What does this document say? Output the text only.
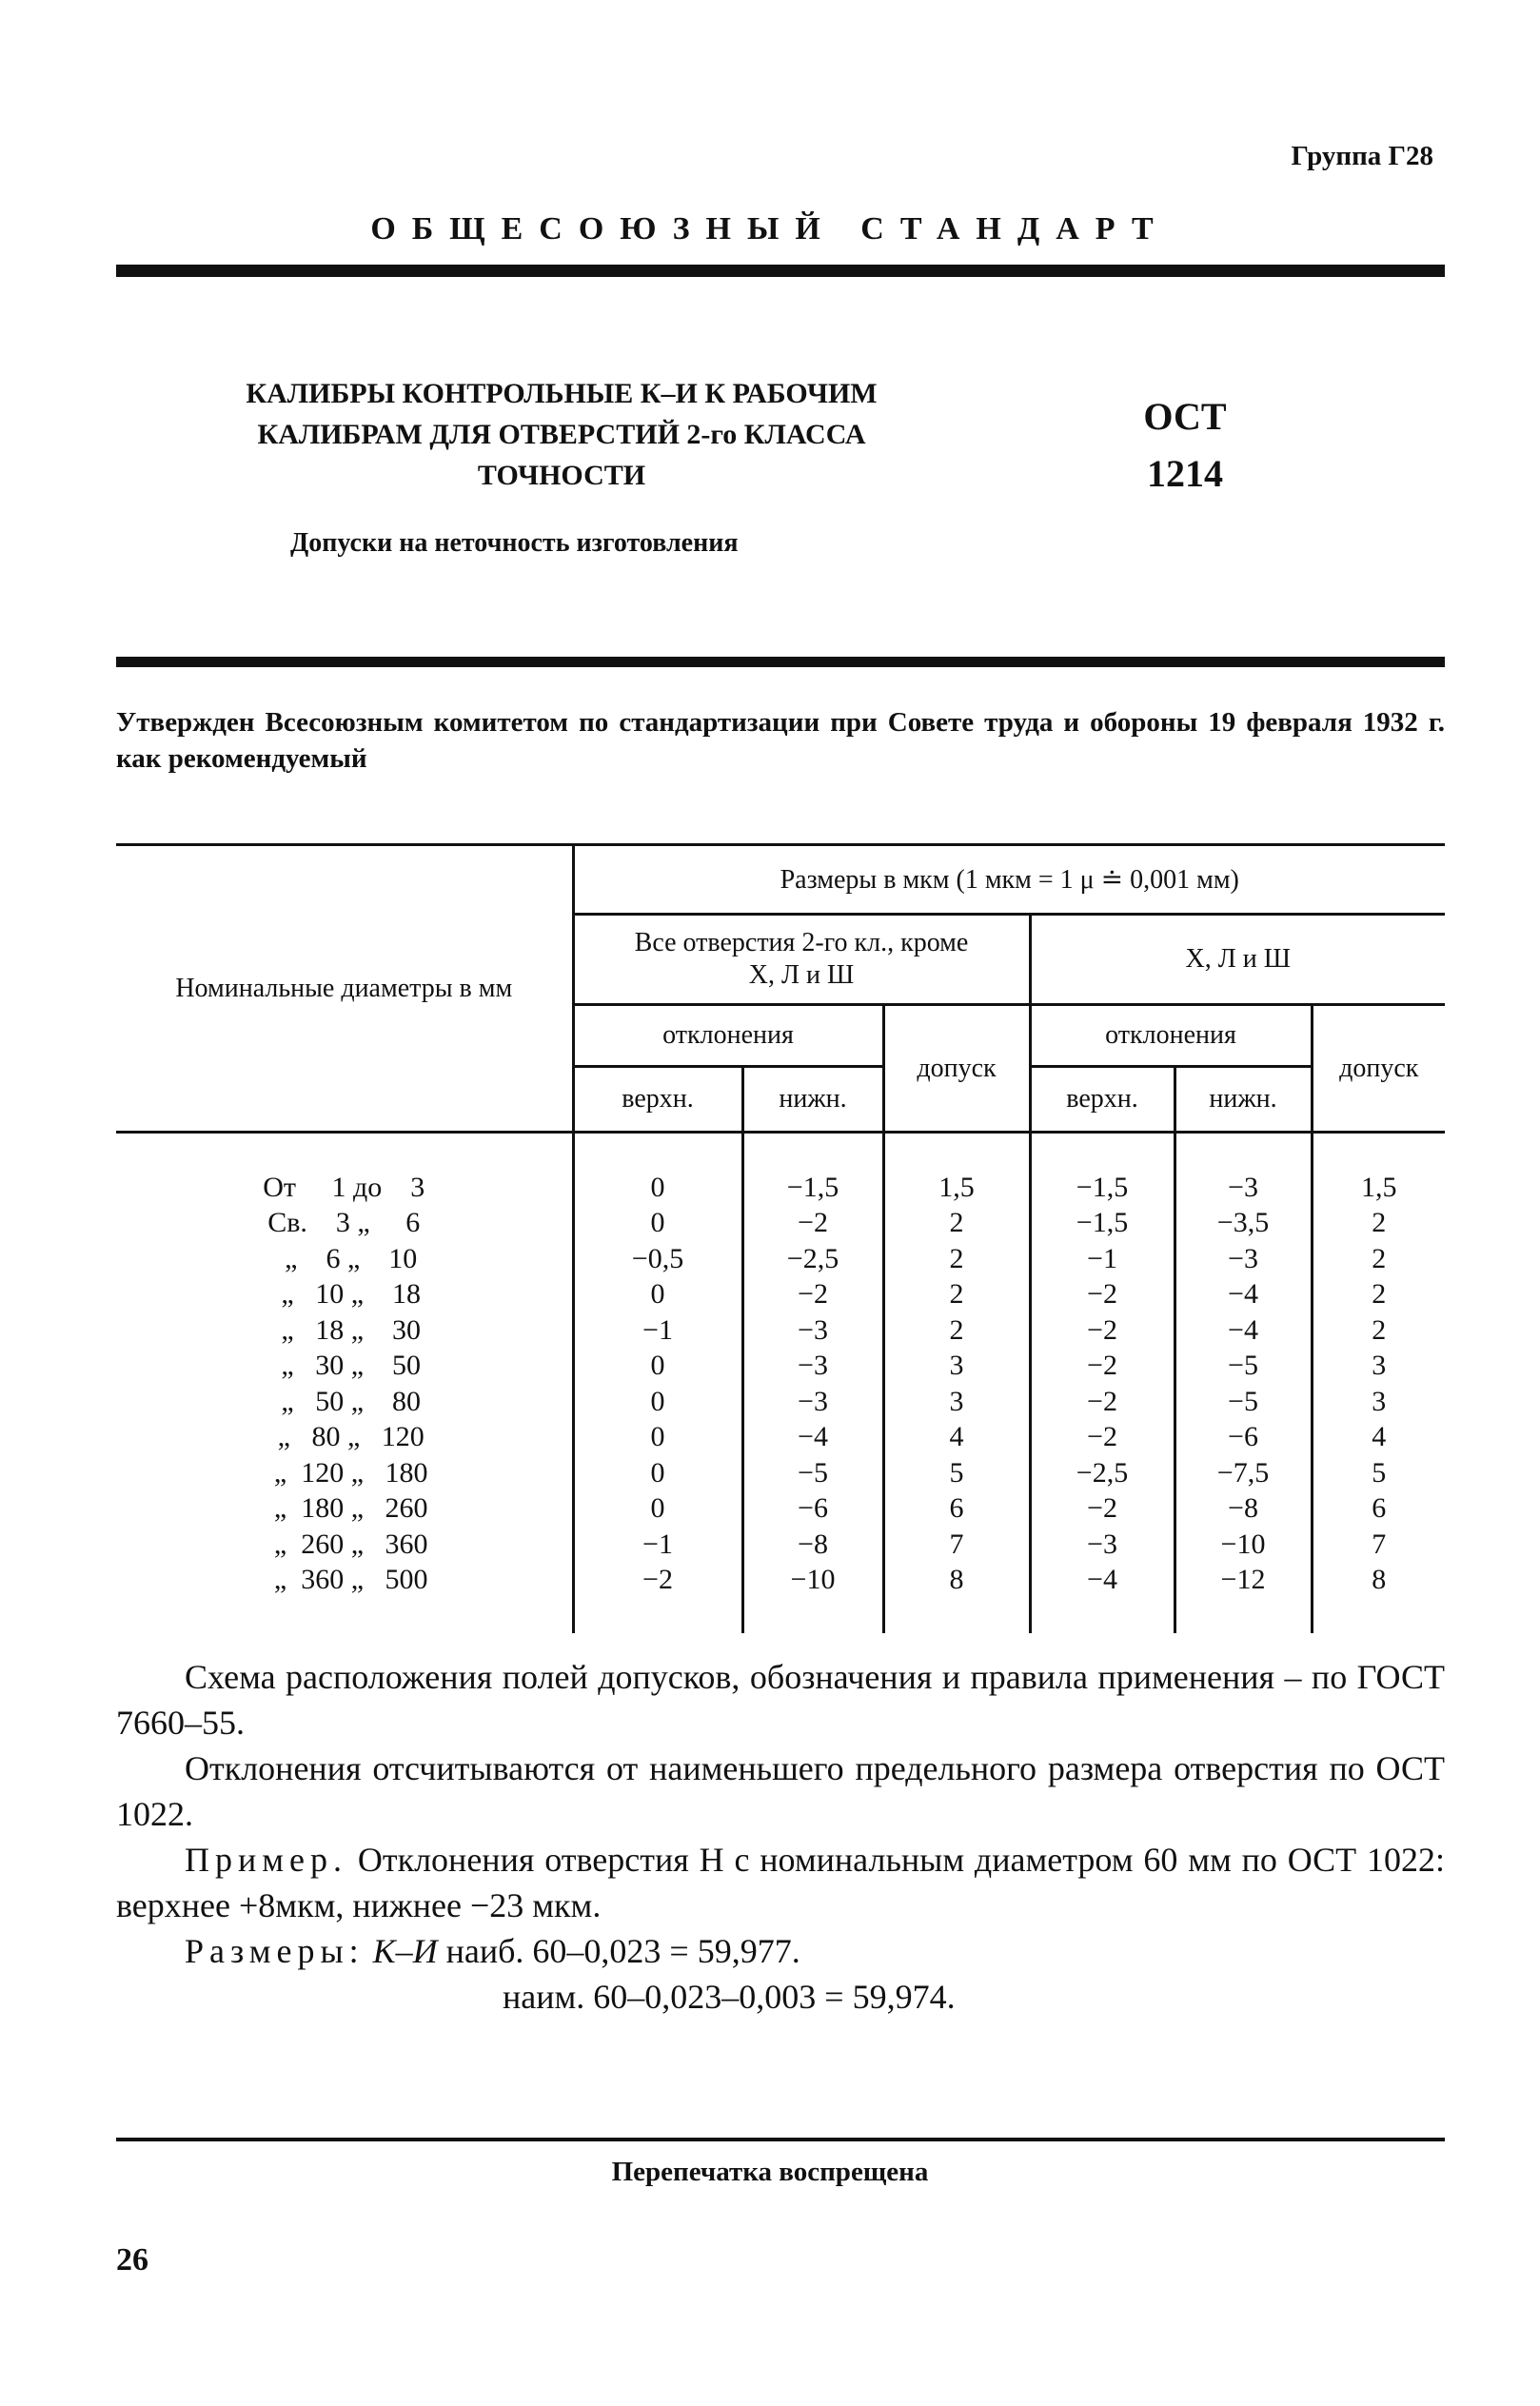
Группа Г28
ОБЩЕСОЮЗНЫЙ СТАНДАРТ
КАЛИБРЫ КОНТРОЛЬНЫЕ К–И К РАБОЧИМ
КАЛИБРАМ ДЛЯ ОТВЕРСТИЙ 2-го КЛАССА
ТОЧНОСТИ
ОСТ
1214
Допуски на неточность изготовления
Утвержден Всесоюзным комитетом по стандартизации при Совете труда и обороны 19 февраля 1932 г. как рекомендуемый
Номинальные диаметры в мм	Размеры в мкм (1 мкм = 1 μ ≐ 0,001 мм)					
	Все отверстия 2-го кл., кроме Х, Л и Ш			Х, Л и Ш		
	отклонения		допуск	отклонения		допуск
	верхн.	нижн.		верхн.	нижн.	

От     1 до    3	0	−1,5	1,5	−1,5	−3	1,5
Св.    3 „     6	0	−2	2	−1,5	−3,5	2
„    6 „    10	−0,5	−2,5	2	−1	−3	2
„   10 „    18	0	−2	2	−2	−4	2
„   18 „    30	−1	−3	2	−2	−4	2
„   30 „    50	0	−3	3	−2	−5	3
„   50 „    80	0	−3	3	−2	−5	3
„   80 „   120	0	−4	4	−2	−6	4
„  120 „   180	0	−5	5	−2,5	−7,5	5
„  180 „   260	0	−6	6	−2	−8	6
„  260 „   360	−1	−8	7	−3	−10	7
„  360 „   500	−2	−10	8	−4	−12	8

Схема расположения полей допусков, обозначения и правила применения – по ГОСТ 7660–55.
Отклонения отсчитываются от наименьшего предельного размера отверстия по ОСТ 1022.
Пример. Отклонения отверстия Н с номинальным диаметром 60 мм по ОСТ 1022: верхнее +8мкм, нижнее −23 мкм.
Размеры: К–И наиб. 60–0,023 = 59,977.
наим. 60–0,023–0,003 = 59,974.
Перепечатка воспрещена
26
